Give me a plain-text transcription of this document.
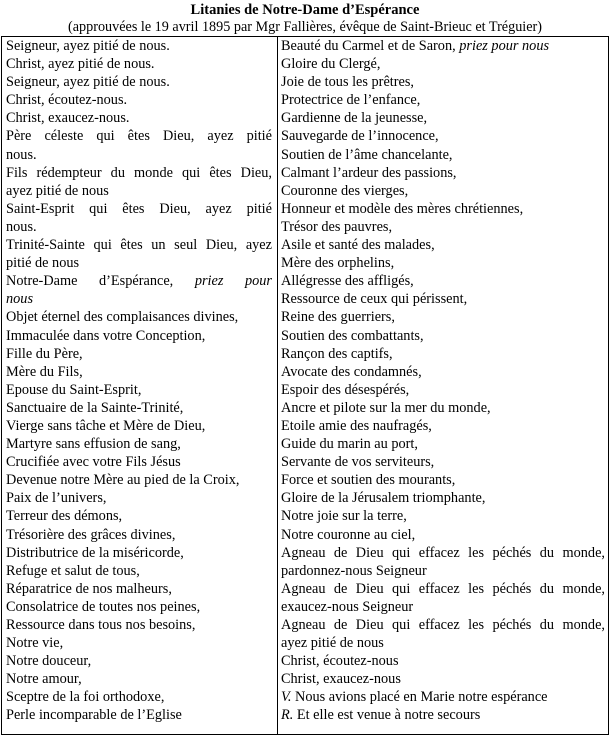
Litanies de Notre-Dame d’Espérance
(approuvées le 19 avril 1895 par Mgr Fallières, évêque de Saint-Brieuc et Tréguier)
Seigneur, ayez pitié de nous.
Christ, ayez pitié de nous.
Seigneur, ayez pitié de nous.
Christ, écoutez-nous.
Christ, exaucez-nous.
Père céleste qui êtes Dieu, ayez pitié
nous.
Fils rédempteur du monde qui êtes Dieu,
ayez pitié de nous
Saint-Esprit qui êtes Dieu, ayez pitié
nous.
Trinité-Sainte qui êtes un seul Dieu, ayez
pitié de nous
Notre-Dame d’Espérance, priez pour
nous
Objet éternel des complaisances divines,
Immaculée dans votre Conception,
Fille du Père,
Mère du Fils,
Epouse du Saint-Esprit,
Sanctuaire de la Sainte-Trinité,
Vierge sans tâche et Mère de Dieu,
Martyre sans effusion de sang,
Crucifiée avec votre Fils Jésus
Devenue notre Mère au pied de la Croix,
Paix de l’univers,
Terreur des démons,
Trésorière des grâces divines,
Distributrice de la miséricorde,
Refuge et salut de tous,
Réparatrice de nos malheurs,
Consolatrice de toutes nos peines,
Ressource dans tous nos besoins,
Notre vie,
Notre douceur,
Notre amour,
Sceptre de la foi orthodoxe,
Perle incomparable de l’Eglise
Beauté du Carmel et de Saron, priez pour nous
Gloire du Clergé,
Joie de tous les prêtres,
Protectrice de l’enfance,
Gardienne de la jeunesse,
Sauvegarde de l’innocence,
Soutien de l’âme chancelante,
Calmant l’ardeur des passions,
Couronne des vierges,
Honneur et modèle des mères chrétiennes,
Trésor des pauvres,
Asile et santé des malades,
Mère des orphelins,
Allégresse des affligés,
Ressource de ceux qui périssent,
Reine des guerriers,
Soutien des combattants,
Rançon des captifs,
Avocate des condamnés,
Espoir des désespérés,
Ancre et pilote sur la mer du monde,
Etoile amie des naufragés,
Guide du marin au port,
Servante de vos serviteurs,
Force et soutien des mourants,
Gloire de la Jérusalem triomphante,
Notre joie sur la terre,
Notre couronne au ciel,
Agneau de Dieu qui effacez les péchés du monde,
pardonnez-nous Seigneur
Agneau de Dieu qui effacez les péchés du monde,
exaucez-nous Seigneur
Agneau de Dieu qui effacez les péchés du monde,
ayez pitié de nous
Christ, écoutez-nous
Christ, exaucez-nous
V. Nous avions placé en Marie notre espérance
R. Et elle est venue à notre secours
